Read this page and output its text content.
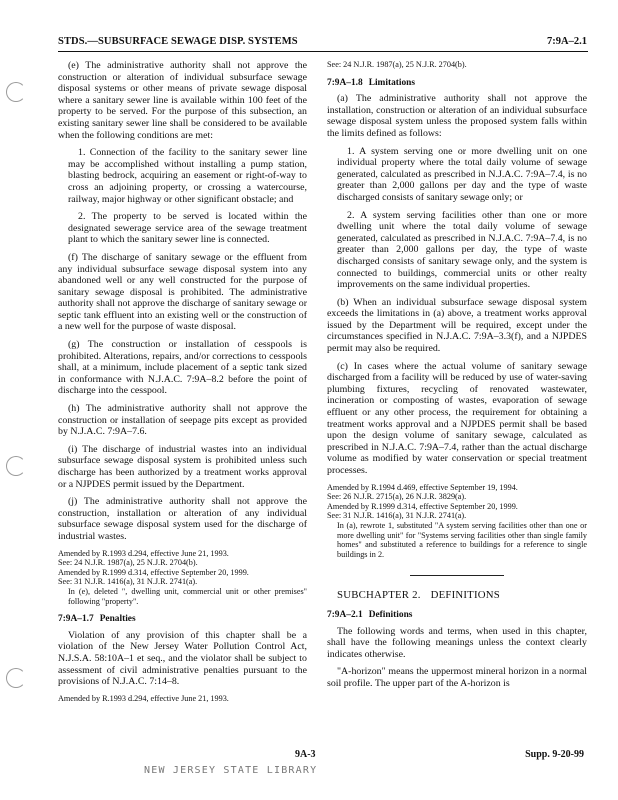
STDS.—SUBSURFACE SEWAGE DISP. SYSTEMS	7:9A–2.1

(e) The administrative authority shall not approve the construction or alteration of individual subsurface sewage disposal systems or other means of private sewage disposal where a sanitary sewer line is available within 100 feet of the property to be served. For the purpose of this subsection, an existing sanitary sewer line shall be considered to be available when the following conditions are met:

1. Connection of the facility to the sanitary sewer line may be accomplished without installing a pump station, blasting bedrock, acquiring an easement or right-of-way to cross an adjoining property, or crossing a watercourse, railway, major highway or other significant obstacle; and

2. The property to be served is located within the designated sewerage service area of the sewage treatment plant to which the sanitary sewer line is connected.

(f) The discharge of sanitary sewage or the effluent from any individual subsurface sewage disposal system into any abandoned well or any well constructed for the purpose of sanitary sewage disposal is prohibited. The administrative authority shall not approve the discharge of sanitary sewage or septic tank effluent into an existing well or the construction of a new well for the purpose of waste disposal.

(g) The construction or installation of cesspools is prohibited. Alterations, repairs, and/or corrections to cesspools shall, at a minimum, include placement of a septic tank sized in conformance with N.J.A.C. 7:9A–8.2 before the point of discharge into the cesspool.

(h) The administrative authority shall not approve the construction or installation of seepage pits except as provided by N.J.A.C. 7:9A–7.6.

(i) The discharge of industrial wastes into an individual subsurface sewage disposal system is prohibited unless such discharge has been authorized by a treatment works approval or a NJPDES permit issued by the Department.

(j) The administrative authority shall not approve the construction, installation or alteration of any individual subsurface sewage disposal system used for the discharge of industrial wastes.

Amended by R.1993 d.294, effective June 21, 1993.

See: 24 N.J.R. 1987(a), 25 N.J.R. 2704(b).

Amended by R.1999 d.314, effective September 20, 1999.

See: 31 N.J.R. 1416(a), 31 N.J.R. 2741(a).

In (e), deleted ", dwelling unit, commercial unit or other premises" following "property".

7:9A–1.7 Penalties

Violation of any provision of this chapter shall be a violation of the New Jersey Water Pollution Control Act, N.J.S.A. 58:10A–1 et seq., and the violator shall be subject to assessment of civil administrative penalties pursuant to the provisions of N.J.A.C. 7:14–8.

Amended by R.1993 d.294, effective June 21, 1993.

See: 24 N.J.R. 1987(a), 25 N.J.R. 2704(b).

7:9A–1.8 Limitations

(a) The administrative authority shall not approve the installation, construction or alteration of an individual subsurface sewage disposal system unless the proposed system falls within the limits defined as follows:

1. A system serving one or more dwelling unit on one individual property where the total daily volume of sewage generated, calculated as prescribed in N.J.A.C. 7:9A–7.4, is no greater than 2,000 gallons per day and the type of waste discharged consists of sanitary sewage only; or

2. A system serving facilities other than one or more dwelling unit where the total daily volume of sewage generated, calculated as prescribed in N.J.A.C. 7:9A–7.4, is no greater than 2,000 gallons per day, the type of waste discharged consists of sanitary sewage only, and the system is connected to buildings, commercial units or other realty improvements on the same individual properties.

(b) When an individual subsurface sewage disposal system exceeds the limitations in (a) above, a treatment works approval issued by the Department will be required, except under the circumstances specified in N.J.A.C. 7:9A–3.3(f), and a NJPDES permit may also be required.

(c) In cases where the actual volume of sanitary sewage discharged from a facility will be reduced by use of water-saving plumbing fixtures, recycling of renovated wastewater, incineration or composting of wastes, evaporation of sewage effluent or any other process, the requirement for obtaining a treatment works approval and a NJPDES permit shall be based upon the design volume of sanitary sewage, calculated as prescribed in N.J.A.C. 7:9A–7.4, rather than the actual discharge volume as modified by water conservation or special treatment processes.

Amended by R.1994 d.469, effective September 19, 1994.

See: 26 N.J.R. 2715(a), 26 N.J.R. 3829(a).

Amended by R.1999 d.314, effective September 20, 1999.

See: 31 N.J.R. 1416(a), 31 N.J.R. 2741(a).

In (a), rewrote 1, substituted "A system serving facilities other than one or more dwelling unit" for "Systems serving facilities other than single family homes" and substituted a reference to buildings for a reference to single buildings in 2.

SUBCHAPTER 2. DEFINITIONS

7:9A–2.1 Definitions

The following words and terms, when used in this chapter, shall have the following meanings unless the context clearly indicates otherwise.

"A-horizon" means the uppermost mineral horizon in a normal soil profile. The upper part of the A-horizon is

9A-3	Supp. 9-20-99
NEW JERSEY STATE LIBRARY
